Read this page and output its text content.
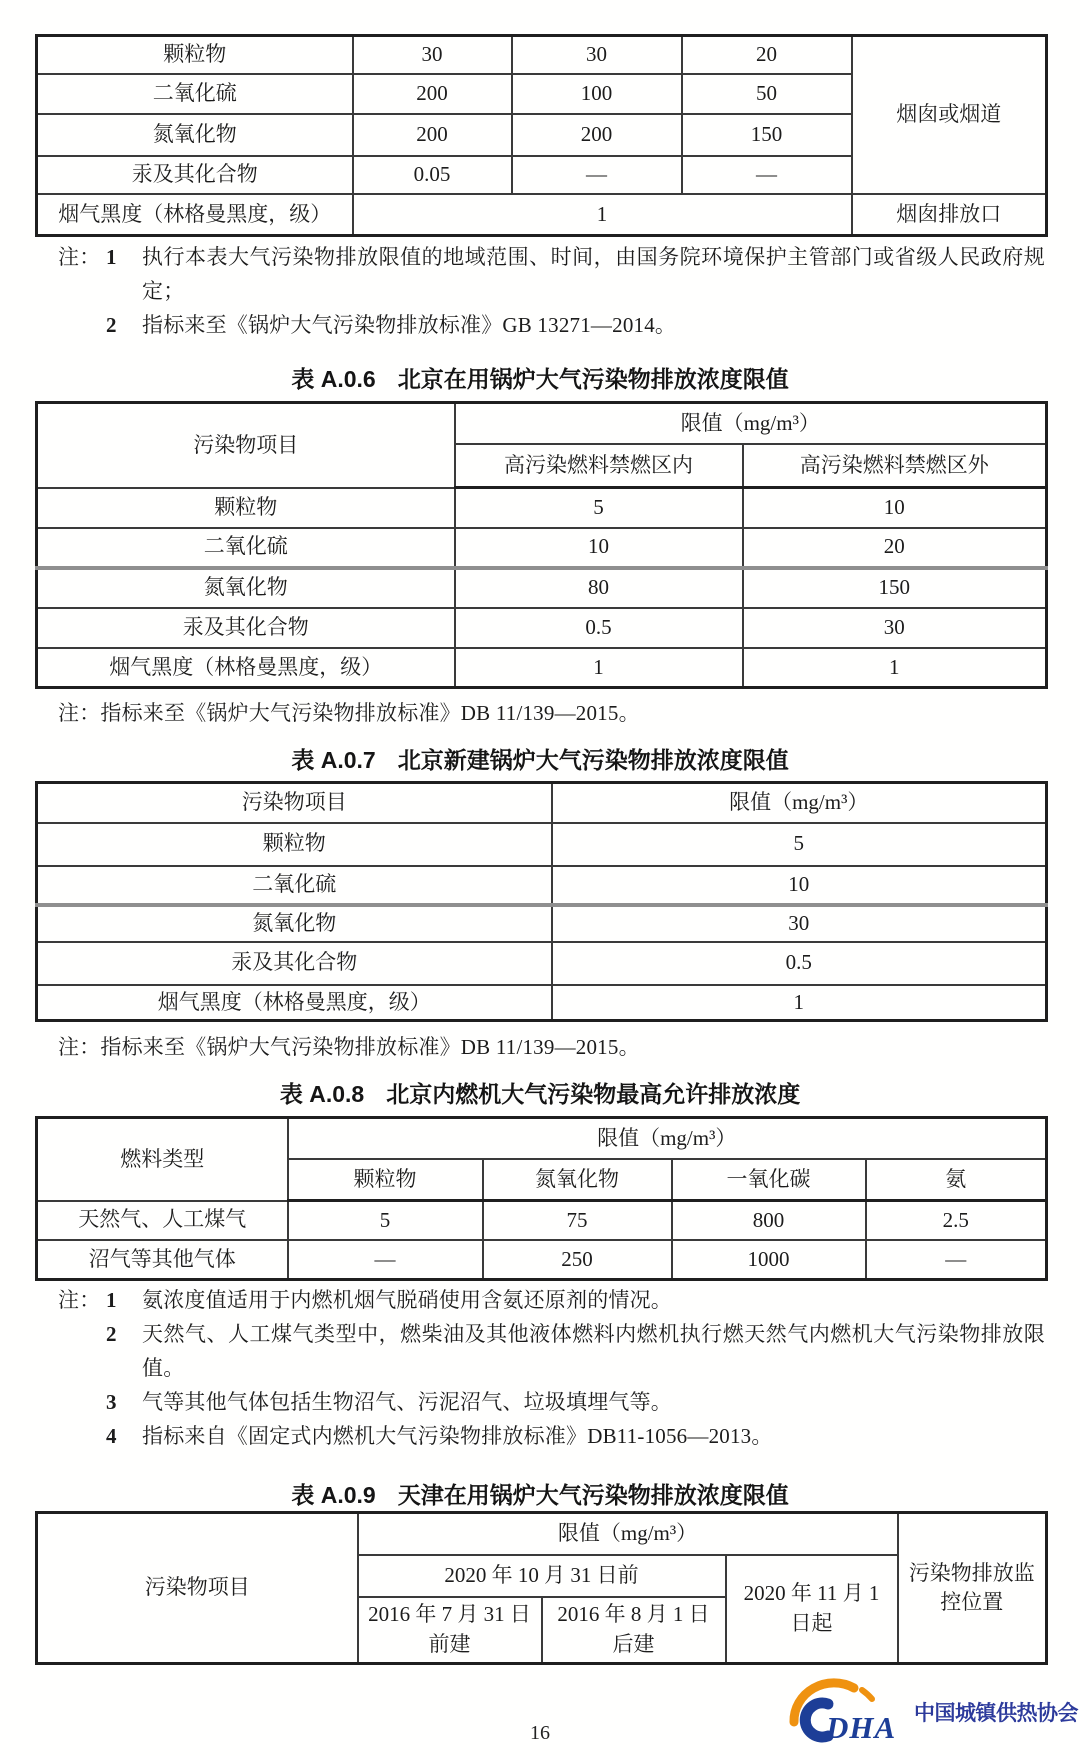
颗粒物	30	30	20	烟囱或烟道
二氧化硫	200	100	50	
氮氧化物	200	200	150	
汞及其化合物	0.05	—	—	
烟气黑度（林格曼黑度，级）	1			烟囱排放口
注： 1	执行本表大气污染物排放限值的地域范围、时间，由国务院环境保护主管部门或省级人民政府规定；
2	指标来至《锅炉大气污染物排放标准》GB 13271—2014。
表 A.0.6 北京在用锅炉大气污染物排放浓度限值
污染物项目	限值（mg/m³）	
	高污染燃料禁燃区内	高污染燃料禁燃区外
颗粒物	5	10
二氧化硫	10	20
氮氧化物	80	150
汞及其化合物	0.5	30
烟气黑度（林格曼黑度，级）	1	1
注：指标来至《锅炉大气污染物排放标准》DB 11/139—2015。
表 A.0.7 北京新建锅炉大气污染物排放浓度限值
污染物项目	限值（mg/m³）
颗粒物	5
二氧化硫	10
氮氧化物	30
汞及其化合物	0.5
烟气黑度（林格曼黑度，级）	1
注：指标来至《锅炉大气污染物排放标准》DB 11/139—2015。
表 A.0.8 北京内燃机大气污染物最高允许排放浓度
燃料类型	限值（mg/m³）			
	颗粒物	氮氧化物	一氧化碳	氨
天然气、人工煤气	5	75	800	2.5
沼气等其他气体	—	250	1000	—
注： 1	氨浓度值适用于内燃机烟气脱硝使用含氨还原剂的情况。
2	天然气、人工煤气类型中，燃柴油及其他液体燃料内燃机执行燃天然气内燃机大气污染物排放限值。
3	气等其他气体包括生物沼气、污泥沼气、垃圾填埋气等。
4	指标来自《固定式内燃机大气污染物排放标准》DB11-1056—2013。
表 A.0.9 天津在用锅炉大气污染物排放浓度限值
污染物项目	限值（mg/m³）			污染物排放监控位置
	2020 年 10 月 31 日前		2020 年 11 月 1 日起	
	2016 年 7 月 31 日前建	2016 年 8 月 1 日后建		
DHA 中国城镇供热协会
16
